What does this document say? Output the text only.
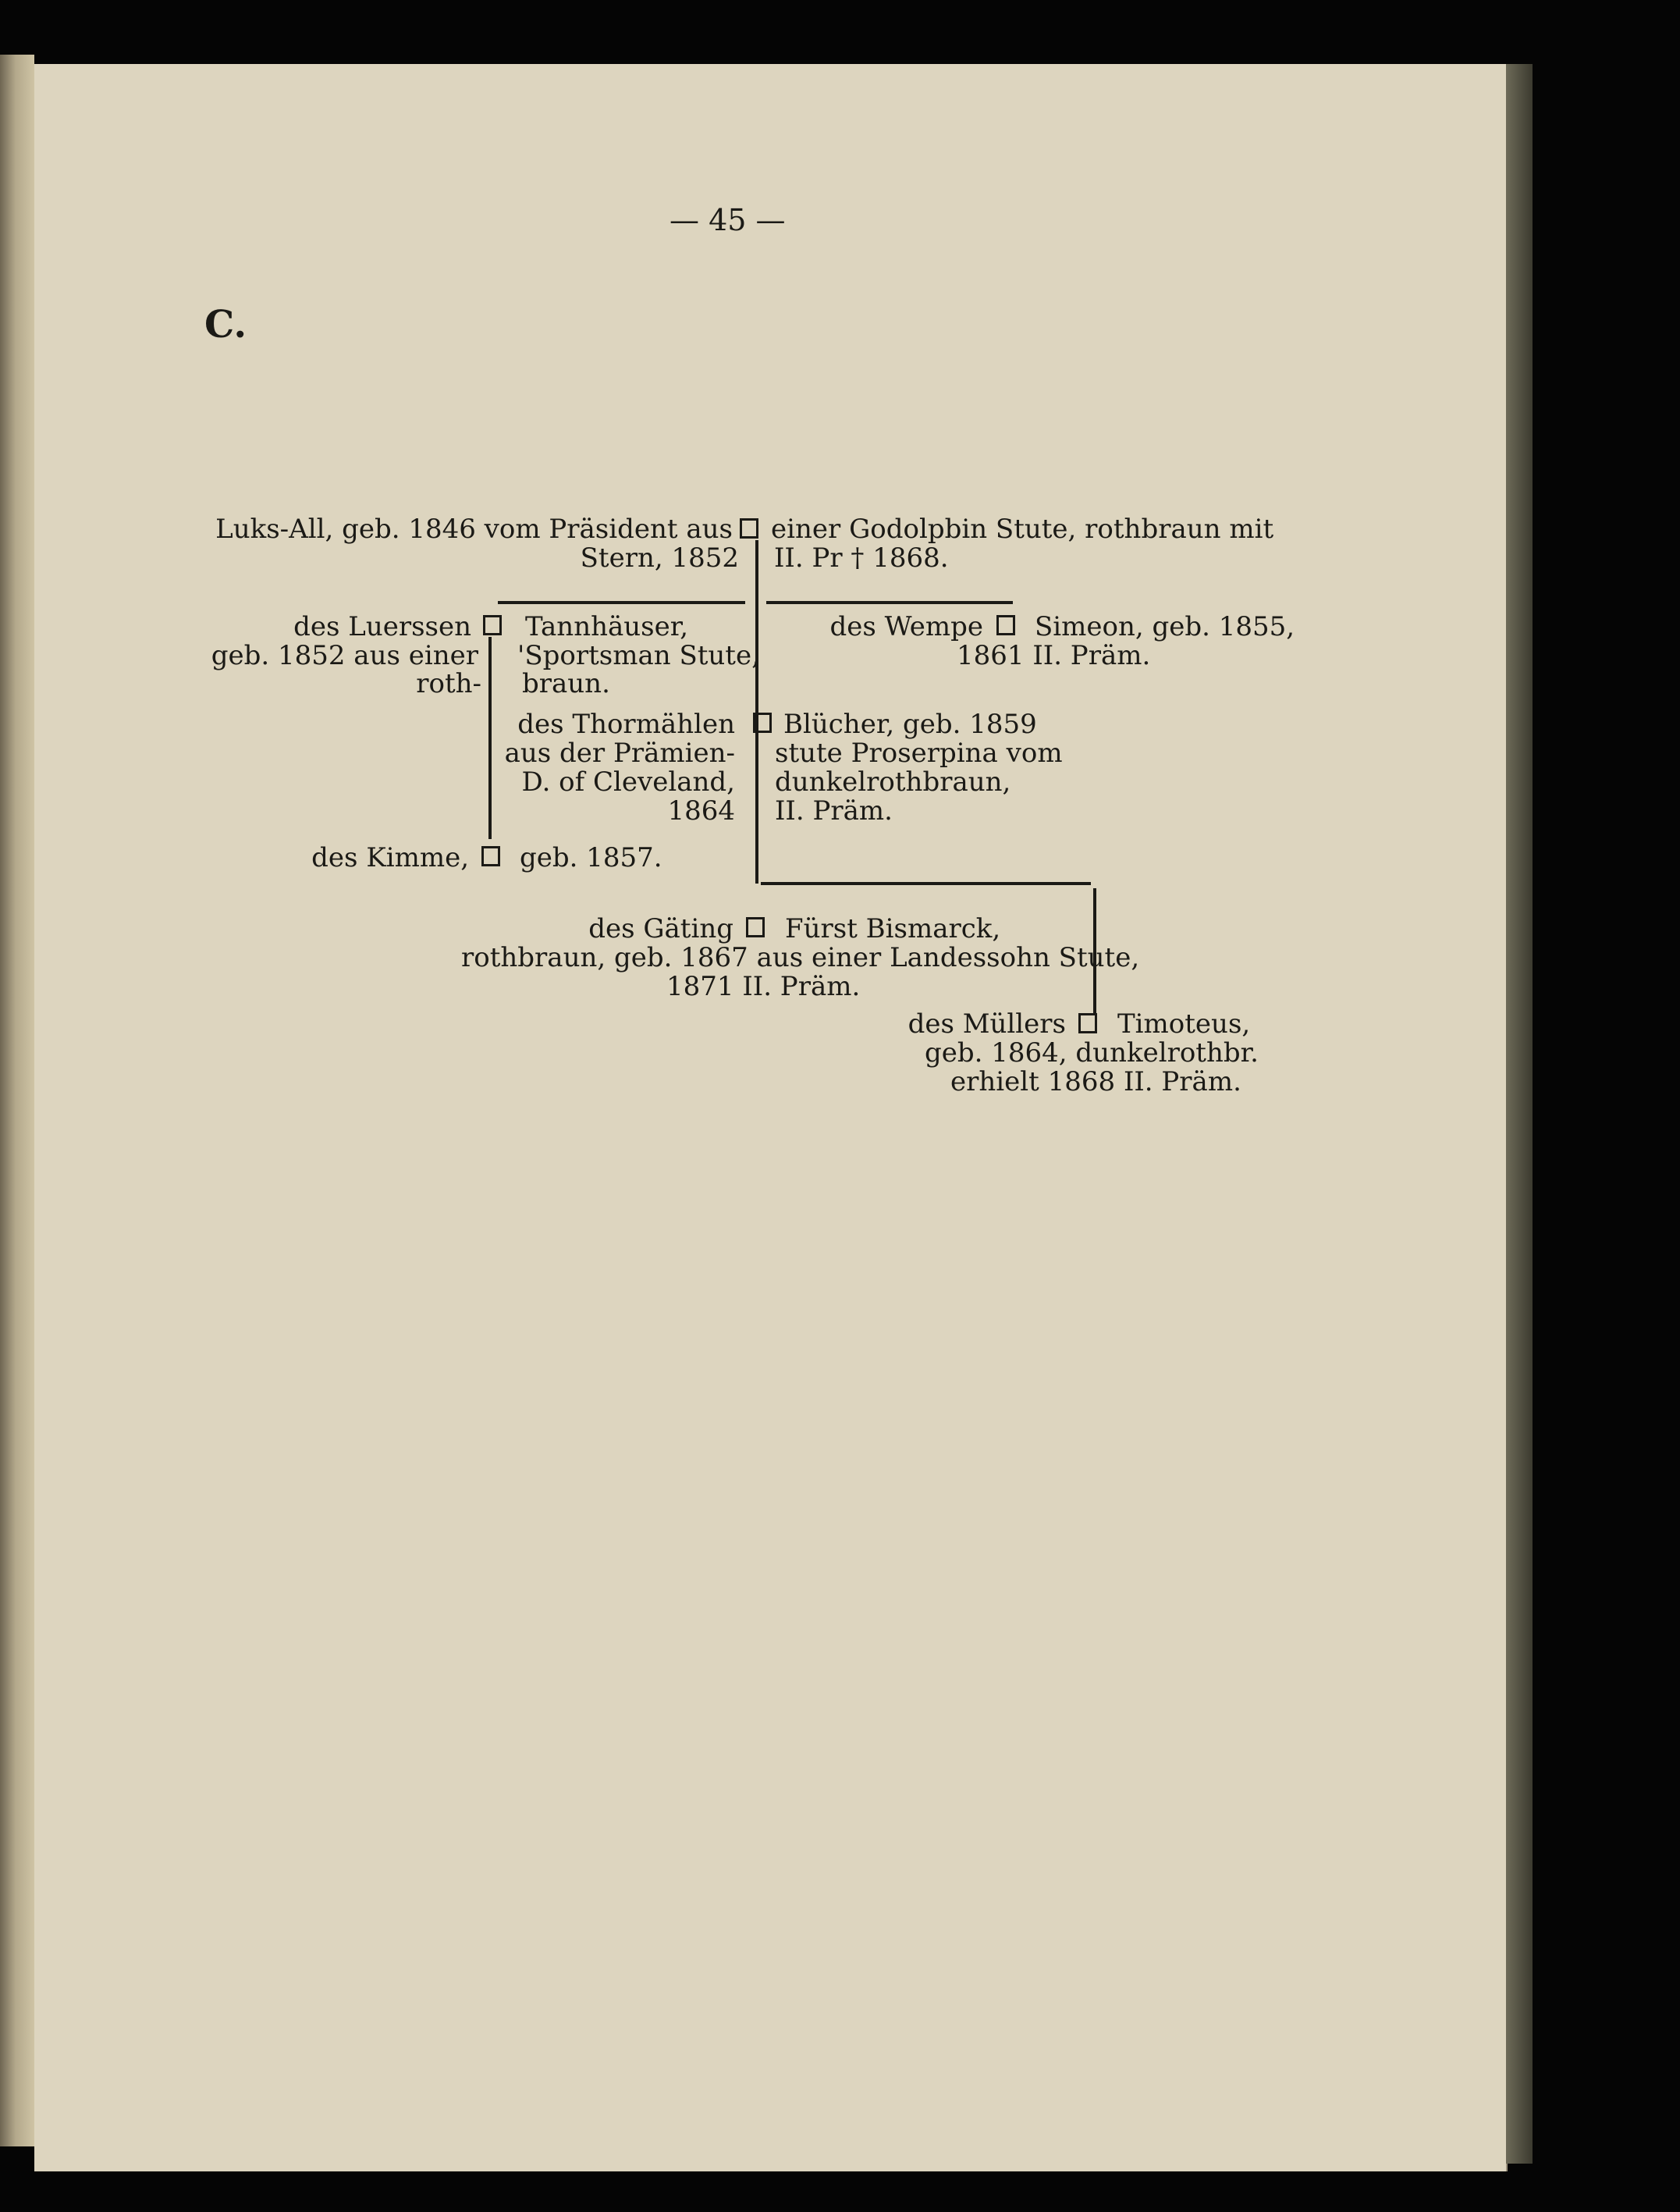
— 45 —
C.
Luks-All, geb. 1846 vom Präsident aus
Stern, 1852
einer Godolpbin Stute, rothbraun mit
II. Pr † 1868.
des Luerssen
geb. 1852 aus einer
roth-
Tannhäuser,
'Sportsman Stute,
braun.
des Wempe Simeon, geb. 1855,
1861 II. Präm.
des Thormählen
aus der Prämien-
D. of Cleveland,
1864
Blücher, geb. 1859
stute Proserpina vom
dunkelrothbraun,
II. Präm.
des Kimme, geb. 1857.
des Gäting Fürst Bismarck,
rothbraun, geb. 1867 aus einer Landessohn Stute,
1871 II. Präm.
des Müllers Timoteus,
geb. 1864, dunkelrothbr.
erhielt 1868 II. Präm.
